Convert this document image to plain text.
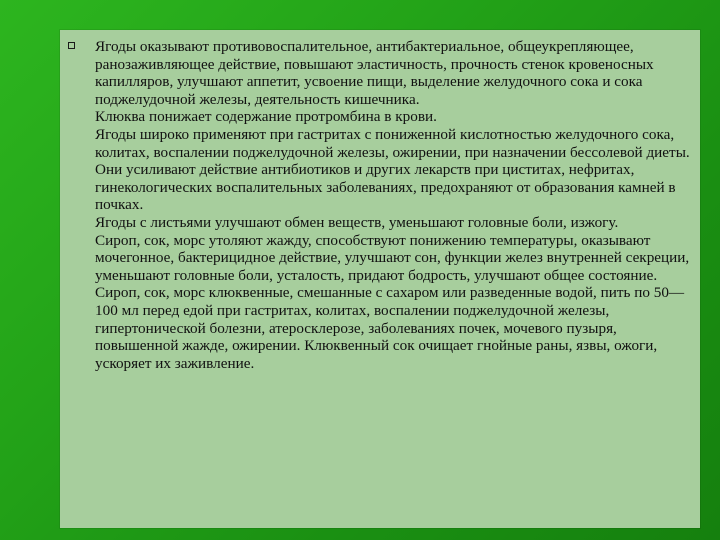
Ягоды оказывают противовоспалительное, антибактериальное, общеукрепляющее, ранозаживляющее действие, повышают эластичность, прочность стенок кровеносных капилляров, улучшают аппетит, усвоение пищи, выделение желудочного сока и сока поджелудочной железы, деятельность кишечника.

Клюква понижает содержание протромбина в крови.

Ягоды широко применяют при гастритах с пониженной кислотностью желудочного сока, колитах, воспалении поджелудочной железы, ожирении, при назначении бессолевой диеты. Они усиливают действие антибиотиков и других лекарств при циститах, нефритах, гинекологических воспалительных заболеваниях, предохраняют от образования камней в почках.

Ягоды с листьями улучшают обмен веществ, уменьшают головные боли, изжогу.

Сироп, сок, морс утоляют жажду, способствуют понижению температуры, оказывают мочегонное, бактерицидное действие, улучшают сон, функции желез внутренней секреции, уменьшают головные боли, усталость, придают бодрость, улучшают общее состояние. Сироп, сок, морс клюквенные, смешанные с сахаром или разведенные водой, пить по 50—100 мл перед едой при гастритах, колитах, воспалении поджелудочной железы, гипертонической болезни, атеросклерозе, заболеваниях почек, мочевого пузыря, повышенной жажде, ожирении. Клюквенный сок очищает гнойные раны, язвы, ожоги, ускоряет их заживление.
